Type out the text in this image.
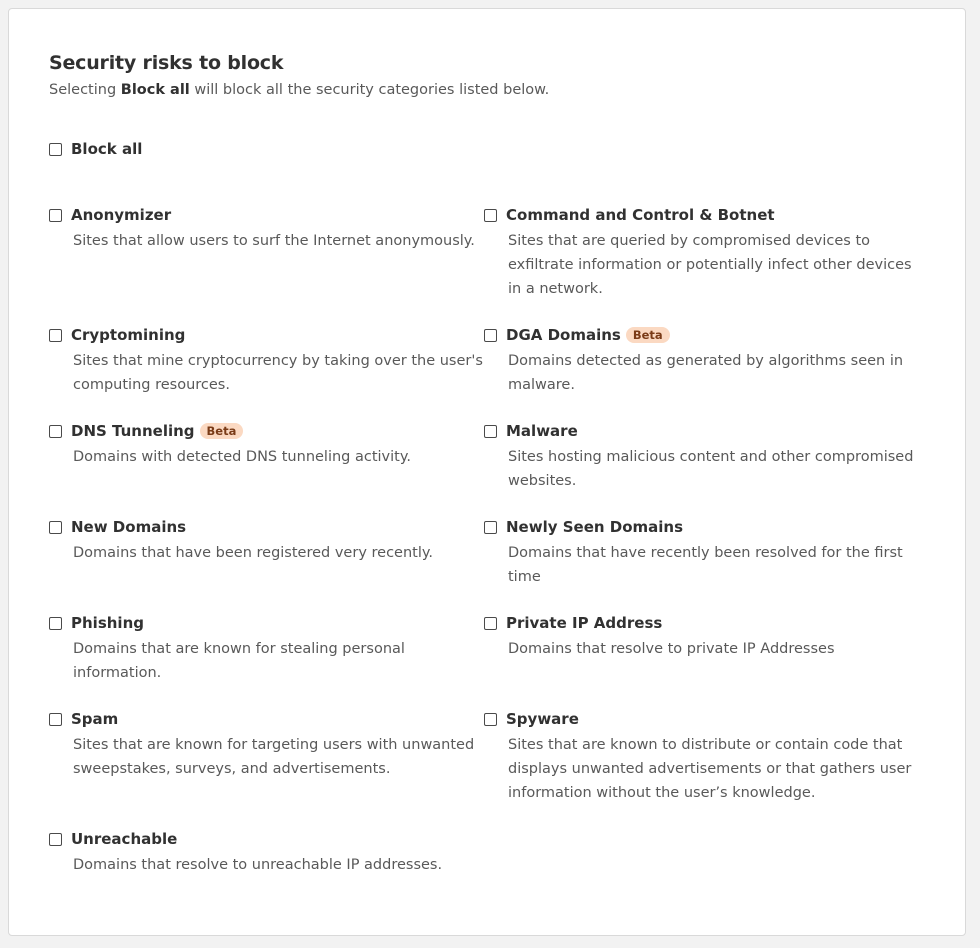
Security risks to block
Selecting Block all will block all the security categories listed below.
Block all
Anonymizer
Sites that allow users to surf the Internet anonymously.
Command and Control & Botnet
Sites that are queried by compromised devices to exfiltrate information or potentially infect other devices in a network.
Cryptomining
Sites that mine cryptocurrency by taking over the user's computing resources.
DGA Domains	Beta
Domains detected as generated by algorithms seen in malware.
DNS Tunneling	Beta
Domains with detected DNS tunneling activity.
Malware
Sites hosting malicious content and other compromised websites.
New Domains
Domains that have been registered very recently.
Newly Seen Domains
Domains that have recently been resolved for the first time
Phishing
Domains that are known for stealing personal information.
Private IP Address
Domains that resolve to private IP Addresses
Spam
Sites that are known for targeting users with unwanted sweepstakes, surveys, and advertisements.
Spyware
Sites that are known to distribute or contain code that displays unwanted advertisements or that gathers user information without the user’s knowledge.
Unreachable
Domains that resolve to unreachable IP addresses.
